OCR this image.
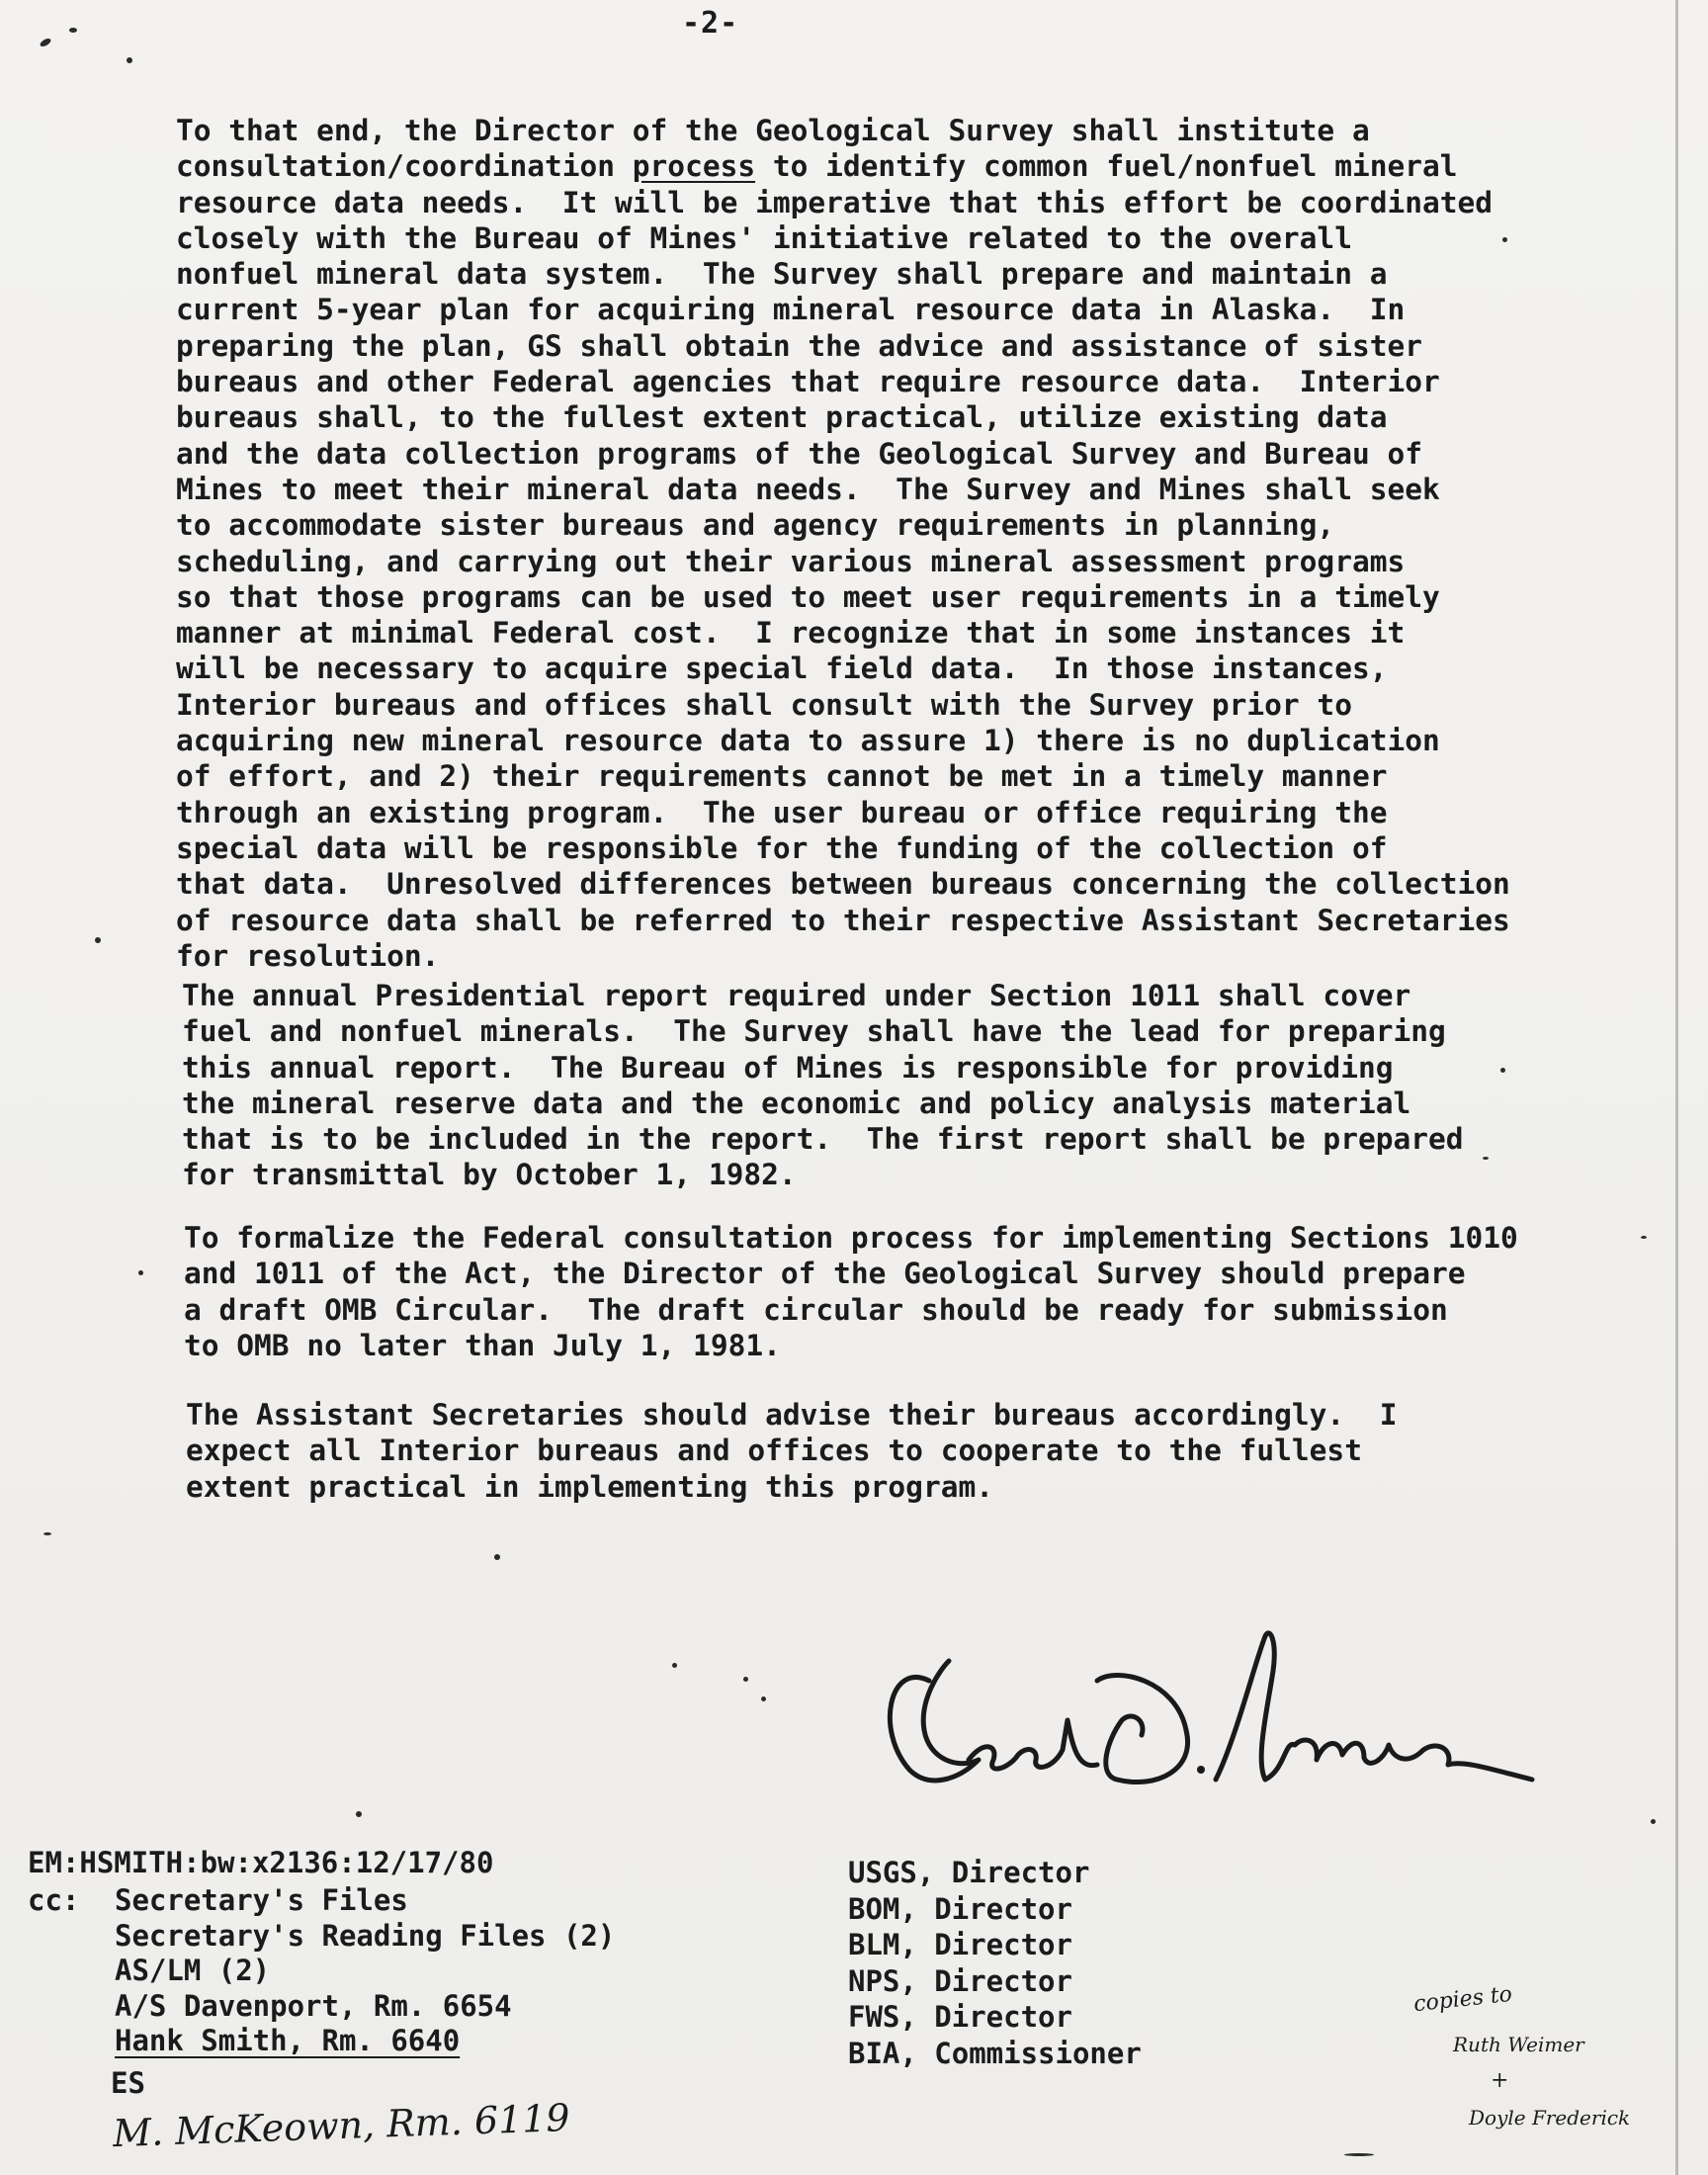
-2-
To that end, the Director of the Geological Survey shall institute a
consultation/coordination process to identify common fuel/nonfuel mineral
resource data needs.  It will be imperative that this effort be coordinated
closely with the Bureau of Mines' initiative related to the overall
nonfuel mineral data system.  The Survey shall prepare and maintain a
current 5-year plan for acquiring mineral resource data in Alaska.  In
preparing the plan, GS shall obtain the advice and assistance of sister
bureaus and other Federal agencies that require resource data.  Interior
bureaus shall, to the fullest extent practical, utilize existing data
and the data collection programs of the Geological Survey and Bureau of
Mines to meet their mineral data needs.  The Survey and Mines shall seek
to accommodate sister bureaus and agency requirements in planning,
scheduling, and carrying out their various mineral assessment programs
so that those programs can be used to meet user requirements in a timely
manner at minimal Federal cost.  I recognize that in some instances it
will be necessary to acquire special field data.  In those instances,
Interior bureaus and offices shall consult with the Survey prior to
acquiring new mineral resource data to assure 1) there is no duplication
of effort, and 2) their requirements cannot be met in a timely manner
through an existing program.  The user bureau or office requiring the
special data will be responsible for the funding of the collection of
that data.  Unresolved differences between bureaus concerning the collection
of resource data shall be referred to their respective Assistant Secretaries
for resolution.
The annual Presidential report required under Section 1011 shall cover
fuel and nonfuel minerals.  The Survey shall have the lead for preparing
this annual report.  The Bureau of Mines is responsible for providing
the mineral reserve data and the economic and policy analysis material
that is to be included in the report.  The first report shall be prepared
for transmittal by October 1, 1982.
To formalize the Federal consultation process for implementing Sections 1010
and 1011 of the Act, the Director of the Geological Survey should prepare
a draft OMB Circular.  The draft circular should be ready for submission
to OMB no later than July 1, 1981.
The Assistant Secretaries should advise their bureaus accordingly.  I
expect all Interior bureaus and offices to cooperate to the fullest
extent practical in implementing this program.
EM:HSMITH:bw:x2136:12/17/80
cc: Secretary's Files
Secretary's Reading Files (2)
AS/LM (2)
A/S Davenport, Rm. 6654
Hank Smith, Rm. 6640
ES
M. McKeown, Rm. 6119
USGS, Director
BOM, Director
BLM, Director
NPS, Director
FWS, Director
BIA, Commissioner
copies to
Ruth Weimer
+
Doyle Frederick
